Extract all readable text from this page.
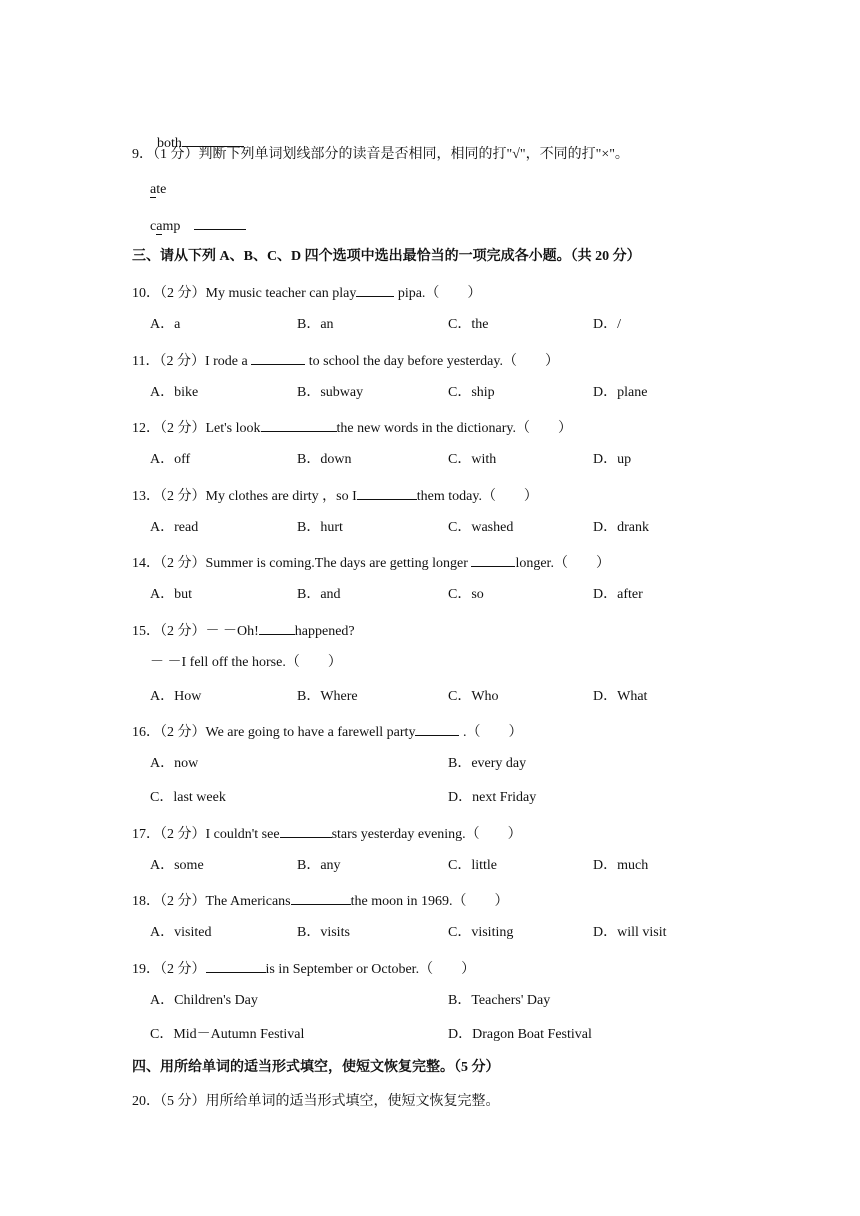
both

9．（1 分）判断下列单词划线部分的读音是否相同，相同的打"√"，不同的打"×"。
ate
camp
三、请从下列 A、B、C、D 四个选项中选出最恰当的一项完成各小题。（共 20 分）
10．（2 分）My music teacher can play	pipa.（　　）
A．a	B．an	C．the	D．/
11．（2 分）I rode a	to school the day before yesterday.（　　）
A．bike	B．subway	C．ship	D．plane
12．（2 分）Let's look	the new words in the dictionary.（　　）
A．off	B．down	C．with	D．up
13．（2 分）My clothes are dirty ，so I	them today.（　　）
A．read	B．hurt	C．washed	D．drank
14．（2 分）Summer is coming.The days are getting longer	longer.（　　）
A．but	B．and	C．so	D．after
15．（2 分）－ －Oh!	happened?
－ －I fell off the horse.（　　）
A．How	B．Where	C．Who	D．What
16．（2 分）We are going to have a farewell party	.（　　）
A．now	B．every day
C．last week	D．next Friday
17．（2 分）I couldn't see	stars yesterday evening.（　　）
A．some	B．any	C．little	D．much
18．（2 分）The Americans	the moon in 1969.（　　）
A．visited	B．visits	C．visiting	D．will visit
19．（2 分）	is in September or October.（　　）
A．Children's Day	B．Teachers' Day
C．Mid－Autumn Festival	D．Dragon Boat Festival
四、用所给单词的适当形式填空，使短文恢复完整。（5 分）
20．（5 分）用所给单词的适当形式填空，使短文恢复完整。
